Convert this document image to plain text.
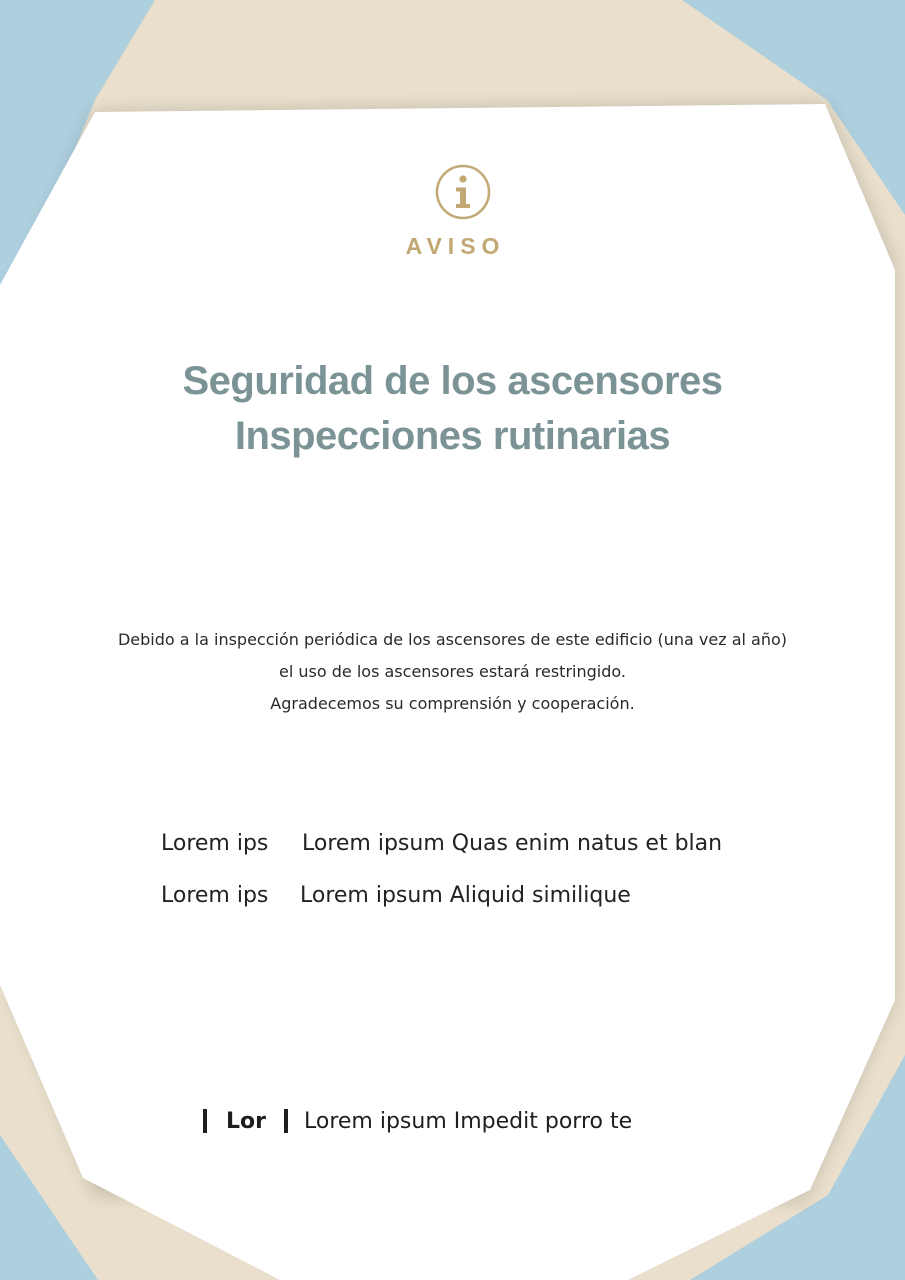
AVISO
Seguridad de los ascensores
Inspecciones rutinarias
Debido a la inspección periódica de los ascensores de este edificio (una vez al año)
el uso de los ascensores estará restringido.
Agradecemos su comprensión y cooperación.
Lorem ips Lorem ipsum Quas enim natus et blan
Lorem ips Lorem ipsum Aliquid similique
Lor Lorem ipsum Impedit porro te
